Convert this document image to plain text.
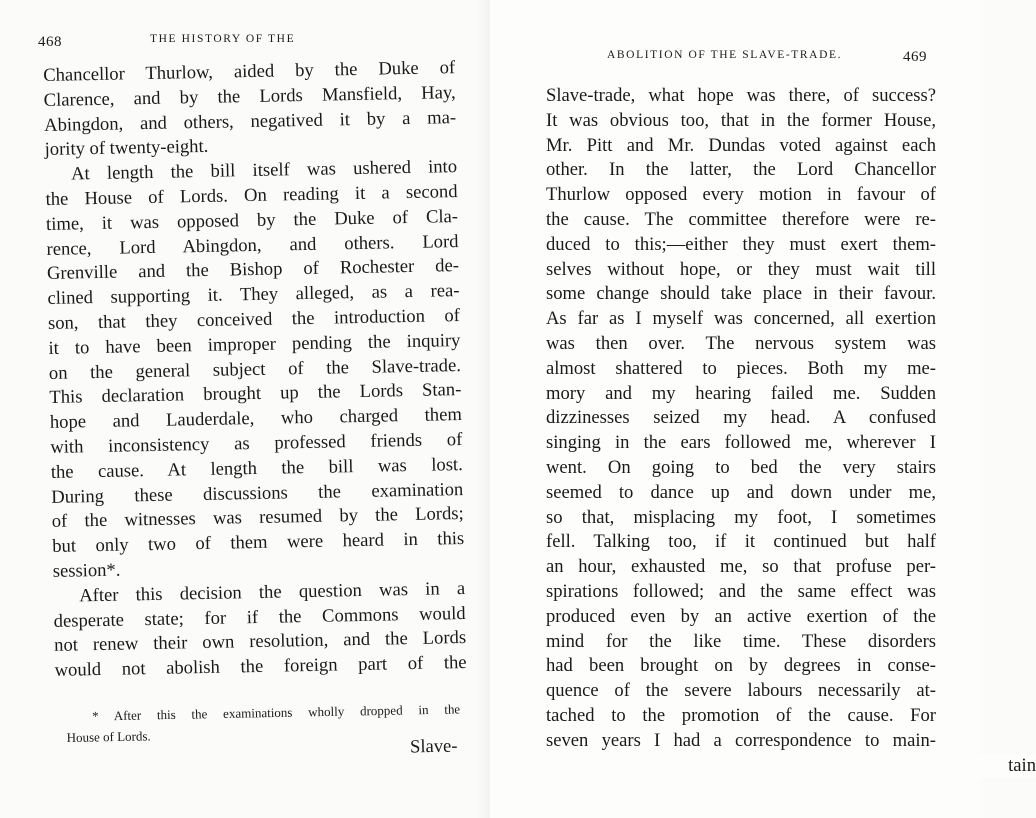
468	THE HISTORY OF THE
Chancellor Thurlow, aided by the Duke of
Clarence, and by the Lords Mansfield, Hay,
Abingdon, and others, negatived it by a ma-
jority of twenty-eight.
At length the bill itself was ushered into
the House of Lords. On reading it a second
time, it was opposed by the Duke of Cla-
rence, Lord Abingdon, and others. Lord
Grenville and the Bishop of Rochester de-
clined supporting it. They alleged, as a rea-
son, that they conceived the introduction of
it to have been improper pending the inquiry
on the general subject of the Slave-trade.
This declaration brought up the Lords Stan-
hope and Lauderdale, who charged them
with inconsistency as professed friends of
the cause. At length the bill was lost.
During these discussions the examination
of the witnesses was resumed by the Lords;
but only two of them were heard in this
session*.
After this decision the question was in a
desperate state; for if the Commons would
not renew their own resolution, and the Lords
would not abolish the foreign part of the
* After this the examinations wholly dropped in the
House of Lords.	Slave-
ABOLITION OF THE SLAVE-TRADE.	469
Slave-trade, what hope was there, of success?
It was obvious too, that in the former House,
Mr. Pitt and Mr. Dundas voted against each
other. In the latter, the Lord Chancellor
Thurlow opposed every motion in favour of
the cause. The committee therefore were re-
duced to this;—either they must exert them-
selves without hope, or they must wait till
some change should take place in their favour.
As far as I myself was concerned, all exertion
was then over. The nervous system was
almost shattered to pieces. Both my me-
mory and my hearing failed me. Sudden
dizzinesses seized my head. A confused
singing in the ears followed me, wherever I
went. On going to bed the very stairs
seemed to dance up and down under me,
so that, misplacing my foot, I sometimes
fell. Talking too, if it continued but half
an hour, exhausted me, so that profuse per-
spirations followed; and the same effect was
produced even by an active exertion of the
mind for the like time. These disorders
had been brought on by degrees in conse-
quence of the severe labours necessarily at-
tached to the promotion of the cause. For
seven years I had a correspondence to main-
tain
